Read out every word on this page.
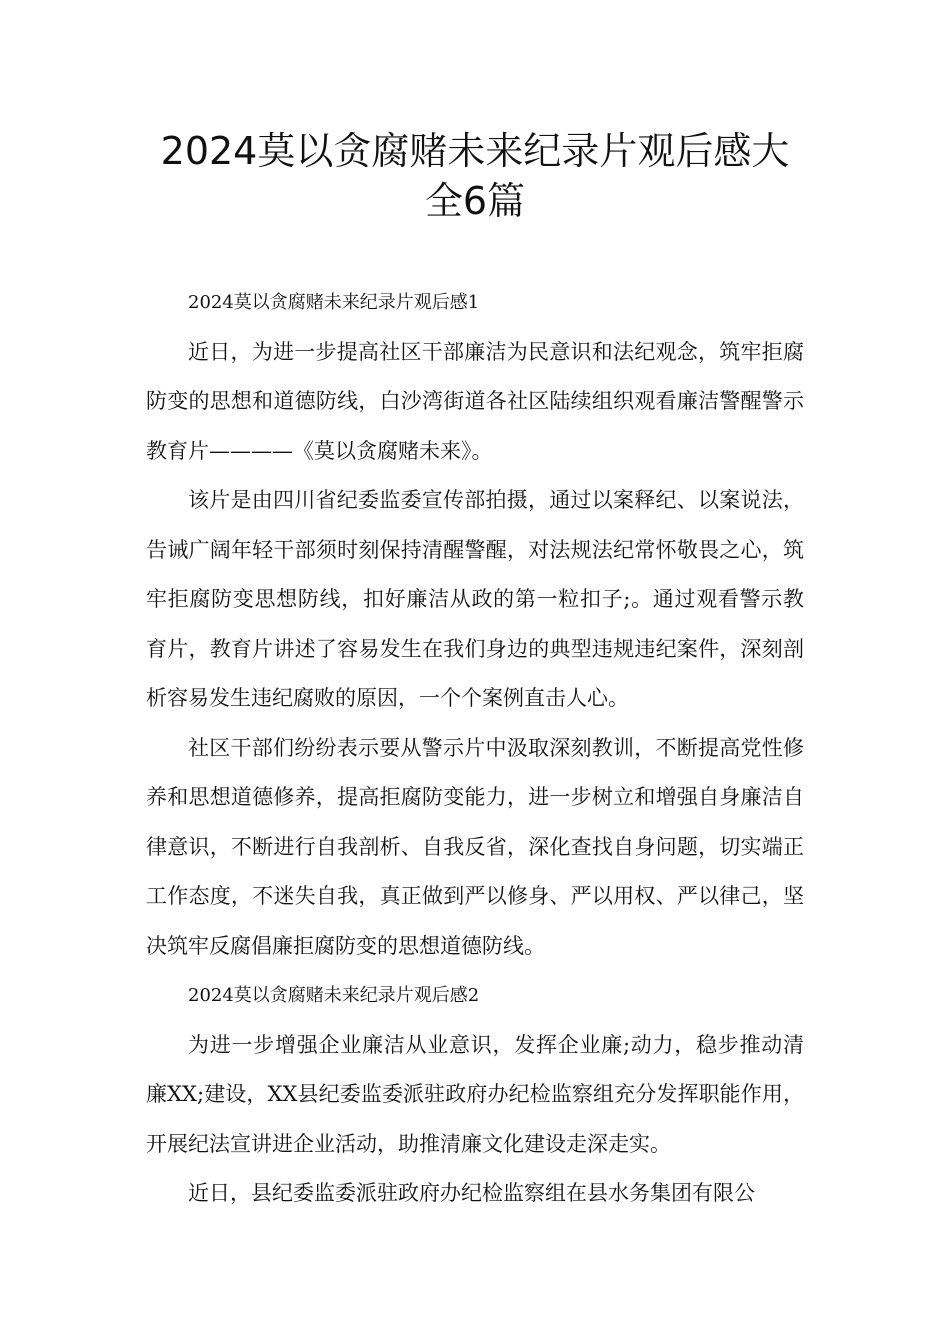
2024莫以贪腐赌未来纪录片观后感大全6篇

2024莫以贪腐赌未来纪录片观后感1

近日，为进一步提高社区干部廉洁为民意识和法纪观念，筑牢拒腐防变的思想和道德防线，白沙湾街道各社区陆续组织观看廉洁警醒警示教育片————《莫以贪腐赌未来》。

该片是由四川省纪委监委宣传部拍摄，通过以案释纪、以案说法，告诫广阔年轻干部须时刻保持清醒警醒，对法规法纪常怀敬畏之心，筑牢拒腐防变思想防线，扣好廉洁从政的第一粒扣子;。通过观看警示教育片，教育片讲述了容易发生在我们身边的典型违规违纪案件，深刻剖析容易发生违纪腐败的原因，一个个案例直击人心。

社区干部们纷纷表示要从警示片中汲取深刻教训，不断提高党性修养和思想道德修养，提高拒腐防变能力，进一步树立和增强自身廉洁自律意识，不断进行自我剖析、自我反省，深化查找自身问题，切实端正工作态度，不迷失自我，真正做到严以修身、严以用权、严以律己，坚决筑牢反腐倡廉拒腐防变的思想道德防线。

2024莫以贪腐赌未来纪录片观后感2

为进一步增强企业廉洁从业意识，发挥企业廉;动力，稳步推动清廉XX;建设，XX县纪委监委派驻政府办纪检监察组充分发挥职能作用，开展纪法宣讲进企业活动，助推清廉文化建设走深走实。

近日，县纪委监委派驻政府办纪检监察组在县水务集团有限公
